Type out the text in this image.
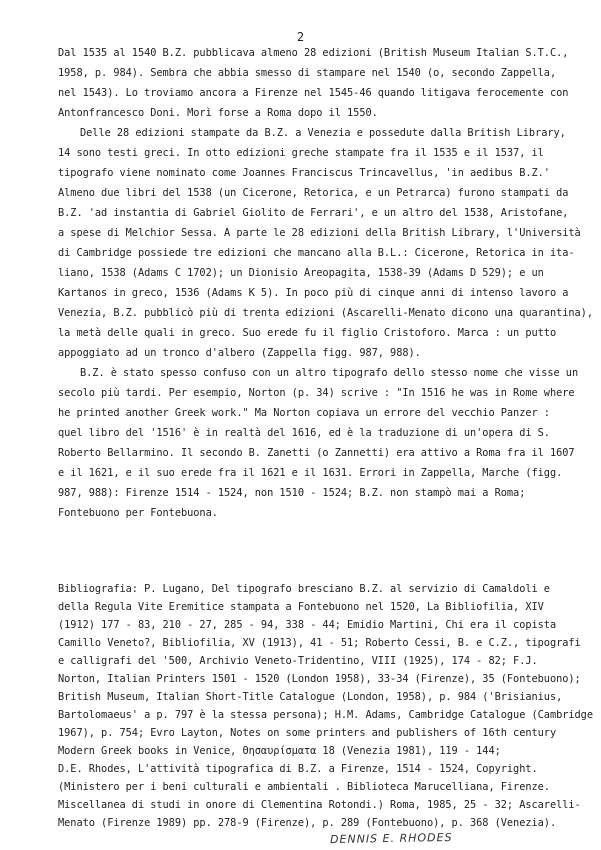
2
Dal 1535 al 1540 B.Z. pubblicava almeno 28 edizioni (British Museum Italian S.T.C.,
1958, p. 984). Sembra che abbia smesso di stampare nel 1540 (o, secondo Zappella,
nel 1543). Lo troviamo ancora a Firenze nel 1545-46 quando litigava ferocemente con
Antonfrancesco Doni. Morì forse a Roma dopo il 1550.
Delle 28 edizioni stampate da B.Z. a Venezia e possedute dalla British Library,
14 sono testi greci. In otto edizioni greche stampate fra il 1535 e il 1537, il
tipografo viene nominato come Joannes Franciscus Trincavellus, 'in aedibus B.Z.'
Almeno due libri del 1538 (un Cicerone, Retorica, e un Petrarca) furono stampati da
B.Z. 'ad instantia di Gabriel Giolito de Ferrari', e un altro del 1538, Aristofane,
a spese di Melchior Sessa. A parte le 28 edizioni della British Library, l'Università
di Cambridge possiede tre edizioni che mancano alla B.L.: Cicerone, Retorica in ita-
liano, 1538 (Adams C 1702); un Dionisio Areopagita, 1538-39 (Adams D 529); e un
Kartanos in greco, 1536 (Adams K 5). In poco più di cinque anni di intenso lavoro a
Venezia, B.Z. pubblicò più di trenta edizioni (Ascarelli-Menato dicono una quarantina),
la metà delle quali in greco. Suo erede fu il figlio Cristoforo. Marca : un putto
appoggiato ad un tronco d'albero (Zappella figg. 987, 988).
B.Z. è stato spesso confuso con un altro tipografo dello stesso nome che visse un
secolo più tardi. Per esempio, Norton (p. 34) scrive : "In 1516 he was in Rome where
he printed another Greek work." Ma Norton copiava un errore del vecchio Panzer :
quel libro del '1516' è in realtà del 1616, ed è la traduzione di un'opera di S.
Roberto Bellarmino. Il secondo B. Zanetti (o Zannetti) era attivo a Roma fra il 1607
e il 1621, e il suo erede fra il 1621 e il 1631. Errori in Zappella, Marche (figg.
987, 988): Firenze 1514 - 1524, non 1510 - 1524; B.Z. non stampò mai a Roma;
Fontebuono per Fontebuona.
Bibliografia: P. Lugano, Del tipografo bresciano B.Z. al servizio di Camaldoli e
della Regula Vite Eremitice stampata a Fontebuono nel 1520, La Bibliofilia, XIV
(1912) 177 - 83, 210 - 27, 285 - 94, 338 - 44; Emidio Martini, Chi era il copista
Camillo Veneto?, Bibliofilia, XV (1913), 41 - 51; Roberto Cessi, B. e C.Z., tipografi
e calligrafi del '500, Archivio Veneto-Tridentino, VIII (1925), 174 - 82; F.J.
Norton, Italian Printers 1501 - 1520 (London 1958), 33-34 (Firenze), 35 (Fontebuono);
British Museum, Italian Short-Title Catalogue (London, 1958), p. 984 ('Brisianius,
Bartolomaeus' a p. 797 è la stessa persona); H.M. Adams, Cambridge Catalogue (Cambridge
1967), p. 754; Evro Layton, Notes on some printers and publishers of 16th century
Modern Greek books in Venice, Θησαυρίσματα 18 (Venezia 1981), 119 - 144;
D.E. Rhodes, L'attività tipografica di B.Z. a Firenze, 1514 - 1524, Copyright.
(Ministero per i beni culturali e ambientali . Biblioteca Marucelliana, Firenze.
Miscellanea di studi in onore di Clementina Rotondi.) Roma, 1985, 25 - 32; Ascarelli-
Menato (Firenze 1989) pp. 278-9 (Firenze), p. 289 (Fontebuono), p. 368 (Venezia).
DENNIS E. RHODES
